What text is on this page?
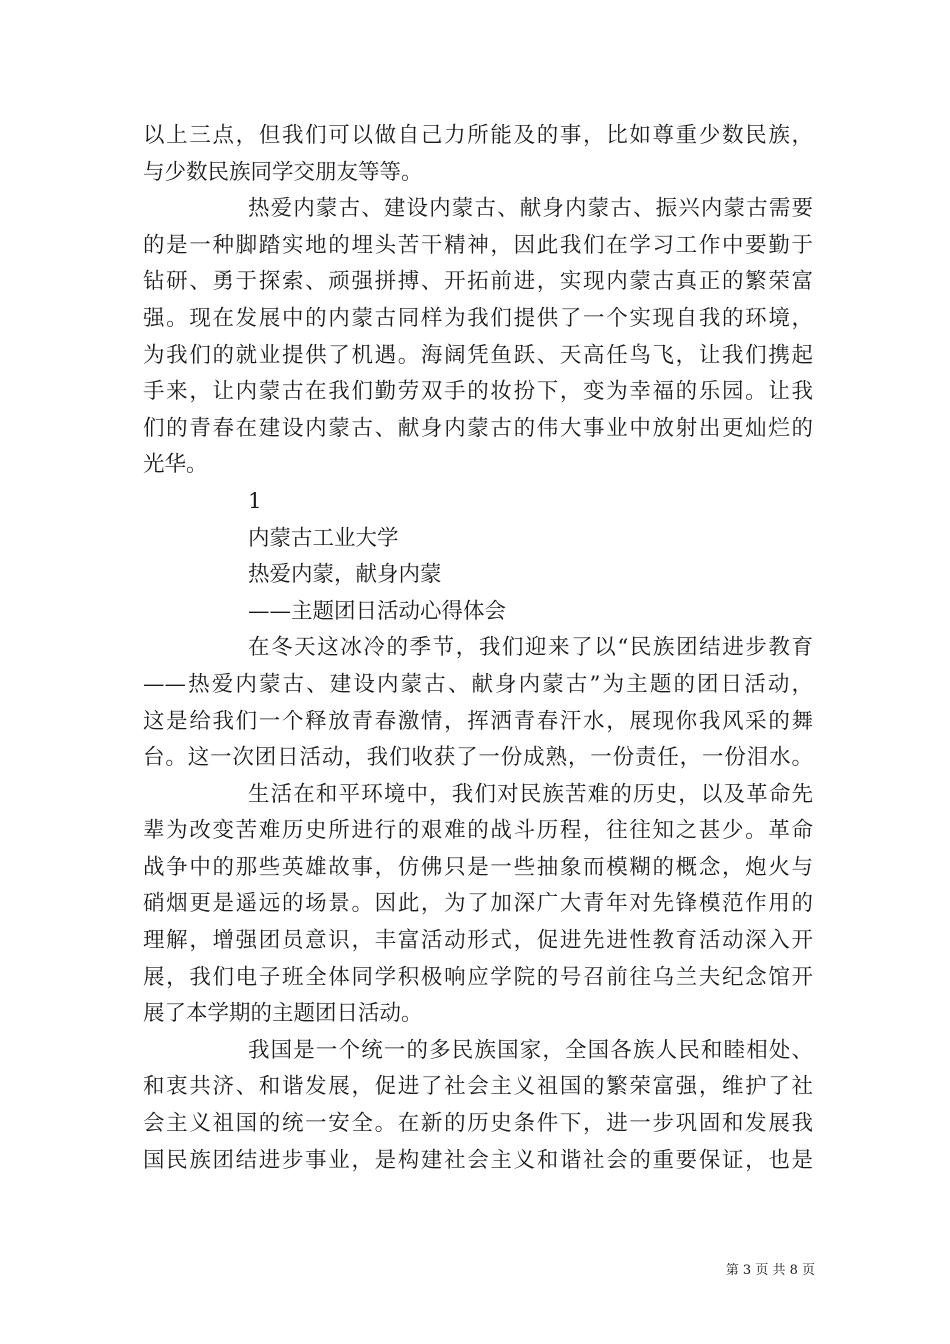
以上三点，但我们可以做自己力所能及的事，比如尊重少数民族，
与少数民族同学交朋友等等。
热爱内蒙古、建设内蒙古、献身内蒙古、振兴内蒙古需要
的是一种脚踏实地的埋头苦干精神，因此我们在学习工作中要勤于
钻研、勇于探索、顽强拼搏、开拓前进，实现内蒙古真正的繁荣富
强。现在发展中的内蒙古同样为我们提供了一个实现自我的环境，
为我们的就业提供了机遇。海阔凭鱼跃、天高任鸟飞，让我们携起
手来，让内蒙古在我们勤劳双手的妆扮下，变为幸福的乐园。让我
们的青春在建设内蒙古、献身内蒙古的伟大事业中放射出更灿烂的
光华。
1
内蒙古工业大学
热爱内蒙，献身内蒙
——主题团日活动心得体会
在冬天这冰冷的季节，我们迎来了以“民族团结进步教育
——热爱内蒙古、建设内蒙古、献身内蒙古”为主题的团日活动，
这是给我们一个释放青春激情，挥洒青春汗水，展现你我风采的舞
台。这一次团日活动，我们收获了一份成熟，一份责任，一份泪水。
生活在和平环境中，我们对民族苦难的历史，以及革命先
辈为改变苦难历史所进行的艰难的战斗历程，往往知之甚少。革命
战争中的那些英雄故事，仿佛只是一些抽象而模糊的概念，炮火与
硝烟更是遥远的场景。因此，为了加深广大青年对先锋模范作用的
理解，增强团员意识，丰富活动形式，促进先进性教育活动深入开
展，我们电子班全体同学积极响应学院的号召前往乌兰夫纪念馆开
展了本学期的主题团日活动。
我国是一个统一的多民族国家，全国各族人民和睦相处、
和衷共济、和谐发展，促进了社会主义祖国的繁荣富强，维护了社
会主义祖国的统一安全。在新的历史条件下，进一步巩固和发展我
国民族团结进步事业，是构建社会主义和谐社会的重要保证，也是
第 3 页 共 8 页
